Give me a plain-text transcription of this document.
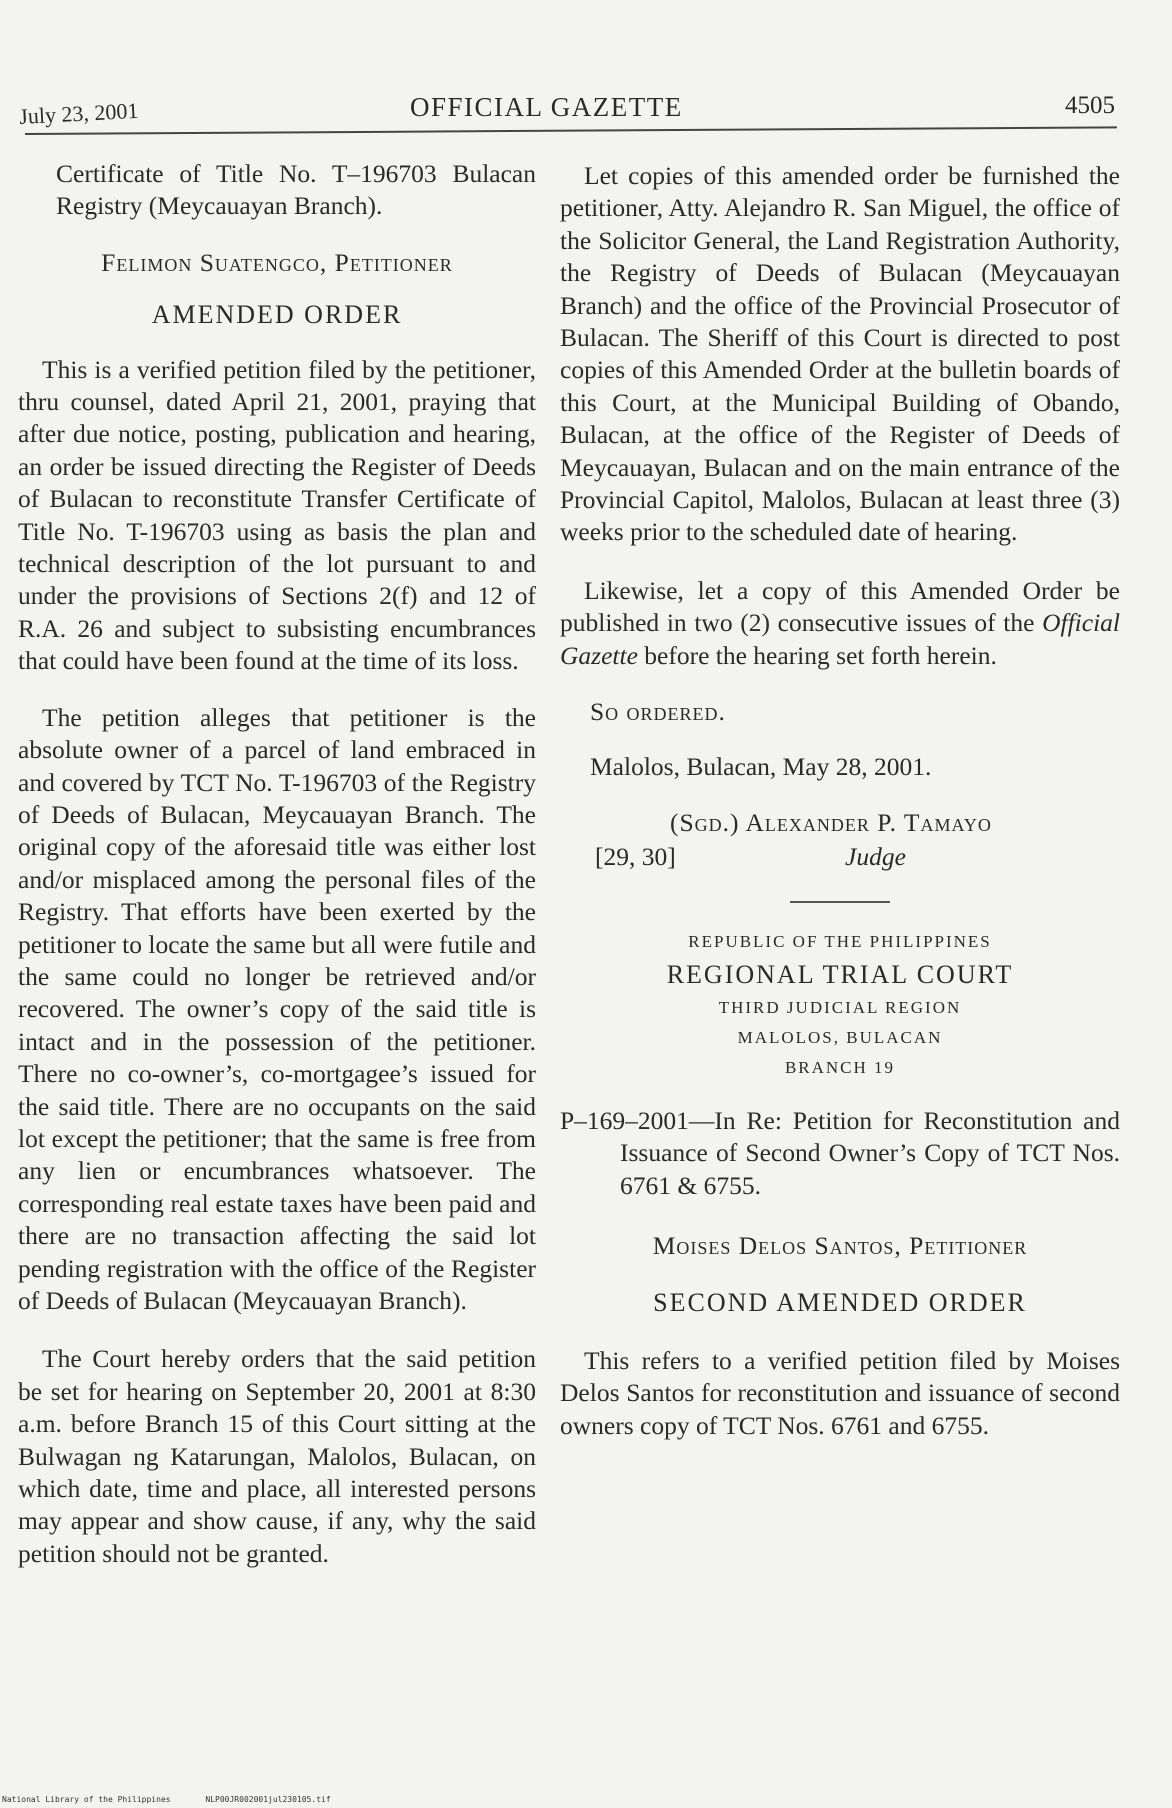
July 23, 2001	OFFICIAL GAZETTE	4505

Certificate of Title No. T–196703 Bulacan Registry (Meycauayan Branch).

Felimon Suatengco, Petitioner

AMENDED ORDER

This is a verified petition filed by the petitioner, thru counsel, dated April 21, 2001, praying that after due notice, posting, publication and hearing, an order be issued directing the Register of Deeds of Bulacan to reconstitute Transfer Certificate of Title No. T-196703 using as basis the plan and technical description of the lot pursuant to and under the provisions of Sections 2(f) and 12 of R.A. 26 and subject to subsisting encumbrances that could have been found at the time of its loss.

The petition alleges that petitioner is the absolute owner of a parcel of land embraced in and covered by TCT No. T-196703 of the Registry of Deeds of Bulacan, Meycauayan Branch. The original copy of the aforesaid title was either lost and/or misplaced among the personal files of the Registry. That efforts have been exerted by the petitioner to locate the same but all were futile and the same could no longer be retrieved and/or recovered. The owner’s copy of the said title is intact and in the possession of the petitioner. There no co-owner’s, co-mortgagee’s issued for the said title. There are no occupants on the said lot except the petitioner; that the same is free from any lien or encumbrances whatsoever. The corresponding real estate taxes have been paid and there are no transaction affecting the said lot pending registration with the office of the Register of Deeds of Bulacan (Meycauayan Branch).

The Court hereby orders that the said petition be set for hearing on September 20, 2001 at 8:30 a.m. before Branch 15 of this Court sitting at the Bulwagan ng Katarungan, Malolos, Bulacan, on which date, time and place, all interested persons may appear and show cause, if any, why the said petition should not be granted.

Let copies of this amended order be furnished the petitioner, Atty. Alejandro R. San Miguel, the office of the Solicitor General, the Land Registration Authority, the Registry of Deeds of Bulacan (Meycauayan Branch) and the office of the Provincial Prosecutor of Bulacan. The Sheriff of this Court is directed to post copies of this Amended Order at the bulletin boards of this Court, at the Municipal Building of Obando, Bulacan, at the office of the Register of Deeds of Meycauayan, Bulacan and on the main entrance of the Provincial Capitol, Malolos, Bulacan at least three (3) weeks prior to the scheduled date of hearing.

Likewise, let a copy of this Amended Order be published in two (2) consecutive issues of the Official Gazette before the hearing set forth herein.

So ordered.

Malolos, Bulacan, May 28, 2001.

(Sgd.) Alexander P. Tamayo
[29, 30]	Judge

REPUBLIC OF THE PHILIPPINES

REGIONAL TRIAL COURT

THIRD JUDICIAL REGION

MALOLOS, BULACAN

BRANCH 19

P–169–2001—In Re: Petition for Reconstitution and Issuance of Second Owner’s Copy of TCT Nos. 6761 & 6755.

Moises Delos Santos, Petitioner

SECOND AMENDED ORDER

This refers to a verified petition filed by Moises Delos Santos for reconstitution and issuance of second owners copy of TCT Nos. 6761 and 6755.

National Library of the Philippines	NLP00JR002001jul230105.tif
